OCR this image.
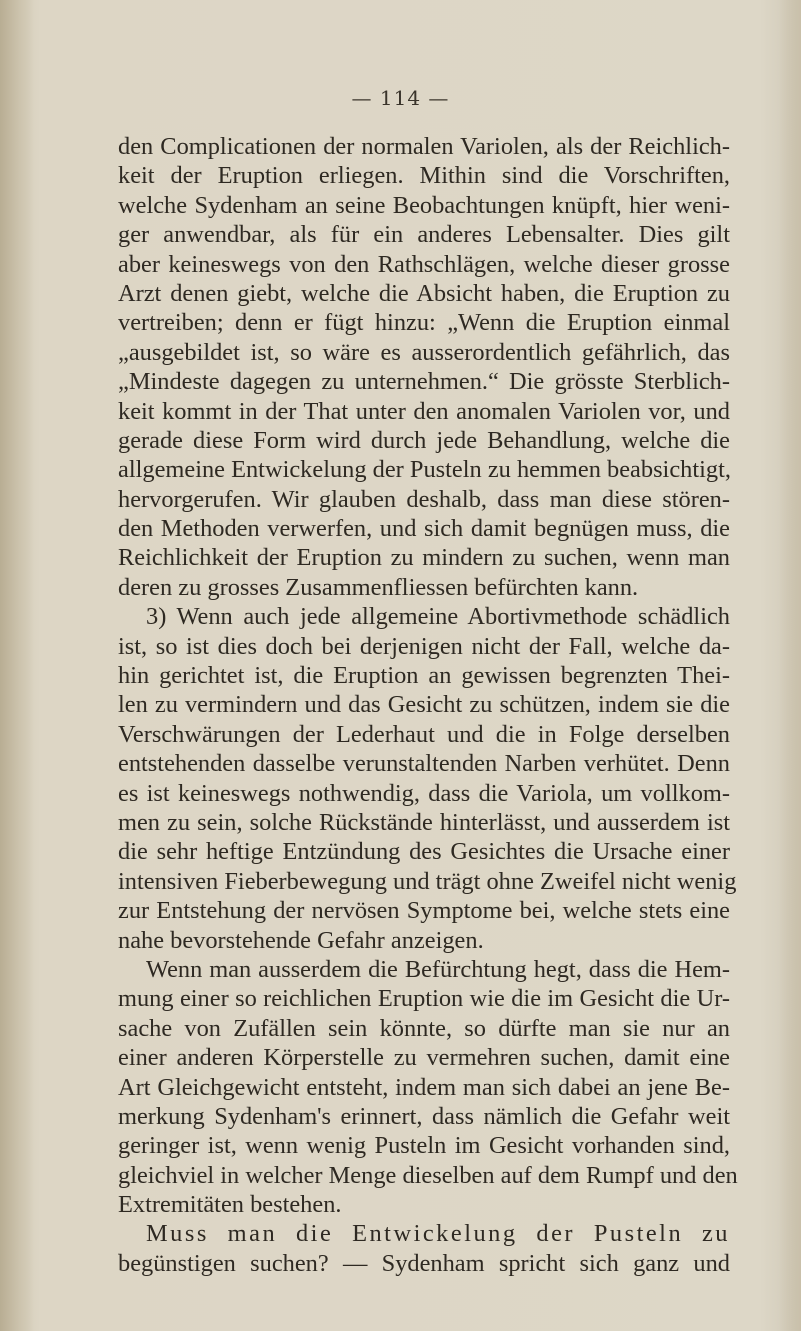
— 114 —
den Complicationen der normalen Variolen, als der Reichlich-
keit der Eruption erliegen. Mithin sind die Vorschriften,
welche Sydenham an seine Beobachtungen knüpft, hier weni-
ger anwendbar, als für ein anderes Lebensalter. Dies gilt
aber keineswegs von den Rathschlägen, welche dieser grosse
Arzt denen giebt, welche die Absicht haben, die Eruption zu
vertreiben; denn er fügt hinzu: „Wenn die Eruption einmal
„ausgebildet ist, so wäre es ausserordentlich gefährlich, das
„Mindeste dagegen zu unternehmen.“ Die grösste Sterblich-
keit kommt in der That unter den anomalen Variolen vor, und
gerade diese Form wird durch jede Behandlung, welche die
allgemeine Entwickelung der Pusteln zu hemmen beabsichtigt,
hervorgerufen. Wir glauben deshalb, dass man diese stören-
den Methoden verwerfen, und sich damit begnügen muss, die
Reichlichkeit der Eruption zu mindern zu suchen, wenn man
deren zu grosses Zusammenfliessen befürchten kann.
3) Wenn auch jede allgemeine Abortivmethode schädlich
ist, so ist dies doch bei derjenigen nicht der Fall, welche da-
hin gerichtet ist, die Eruption an gewissen begrenzten Thei-
len zu vermindern und das Gesicht zu schützen, indem sie die
Verschwärungen der Lederhaut und die in Folge derselben
entstehenden dasselbe verunstaltenden Narben verhütet. Denn
es ist keineswegs nothwendig, dass die Variola, um vollkom-
men zu sein, solche Rückstände hinterlässt, und ausserdem ist
die sehr heftige Entzündung des Gesichtes die Ursache einer
intensiven Fieberbewegung und trägt ohne Zweifel nicht wenig
zur Entstehung der nervösen Symptome bei, welche stets eine
nahe bevorstehende Gefahr anzeigen.
Wenn man ausserdem die Befürchtung hegt, dass die Hem-
mung einer so reichlichen Eruption wie die im Gesicht die Ur-
sache von Zufällen sein könnte, so dürfte man sie nur an
einer anderen Körperstelle zu vermehren suchen, damit eine
Art Gleichgewicht entsteht, indem man sich dabei an jene Be-
merkung Sydenham's erinnert, dass nämlich die Gefahr weit
geringer ist, wenn wenig Pusteln im Gesicht vorhanden sind,
gleichviel in welcher Menge dieselben auf dem Rumpf und den
Extremitäten bestehen.
Muss man die Entwickelung der Pusteln zu
begünstigen suchen? — Sydenham spricht sich ganz und
